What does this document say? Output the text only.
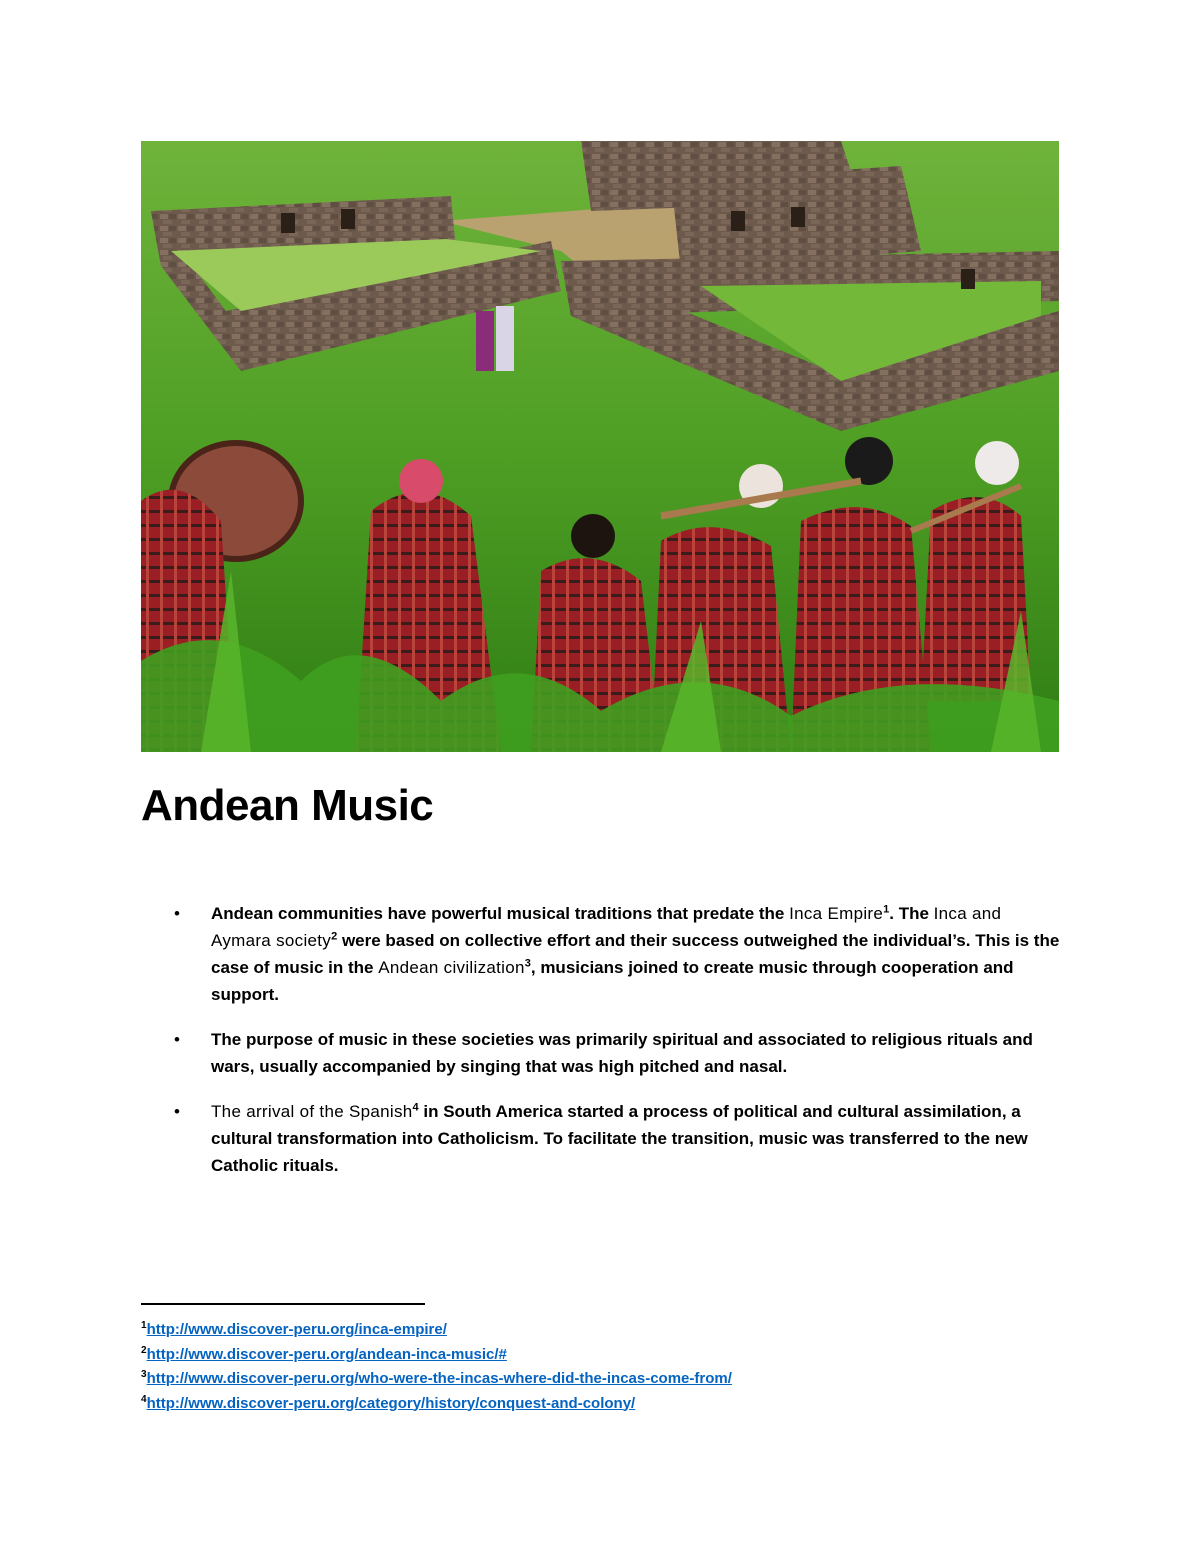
Andean Music
• Andean communities have powerful musical traditions that predate the Inca Empire$^1$. The Inca and Aymara society$^2$ were based on collective effort and their success outweighed the individual’s. This is the case of music in the Andean civilization$^3$, musicians joined to create music through cooperation and support.
• The purpose of music in these societies was primarily spiritual and associated to religious rituals and wars, usually accompanied by singing that was high pitched and nasal.
• The arrival of the Spanish$^4$ in South America started a process of political and cultural assimilation, a cultural transformation into Catholicism. To facilitate the transition, music was transferred to the new Catholic rituals.
$^1$http://www.discover-peru.org/inca-empire/
$^2$http://www.discover-peru.org/andean-inca-music/#
$^3$http://www.discover-peru.org/who-were-the-incas-where-did-the-incas-come-from/
$^4$http://www.discover-peru.org/category/history/conquest-and-colony/
